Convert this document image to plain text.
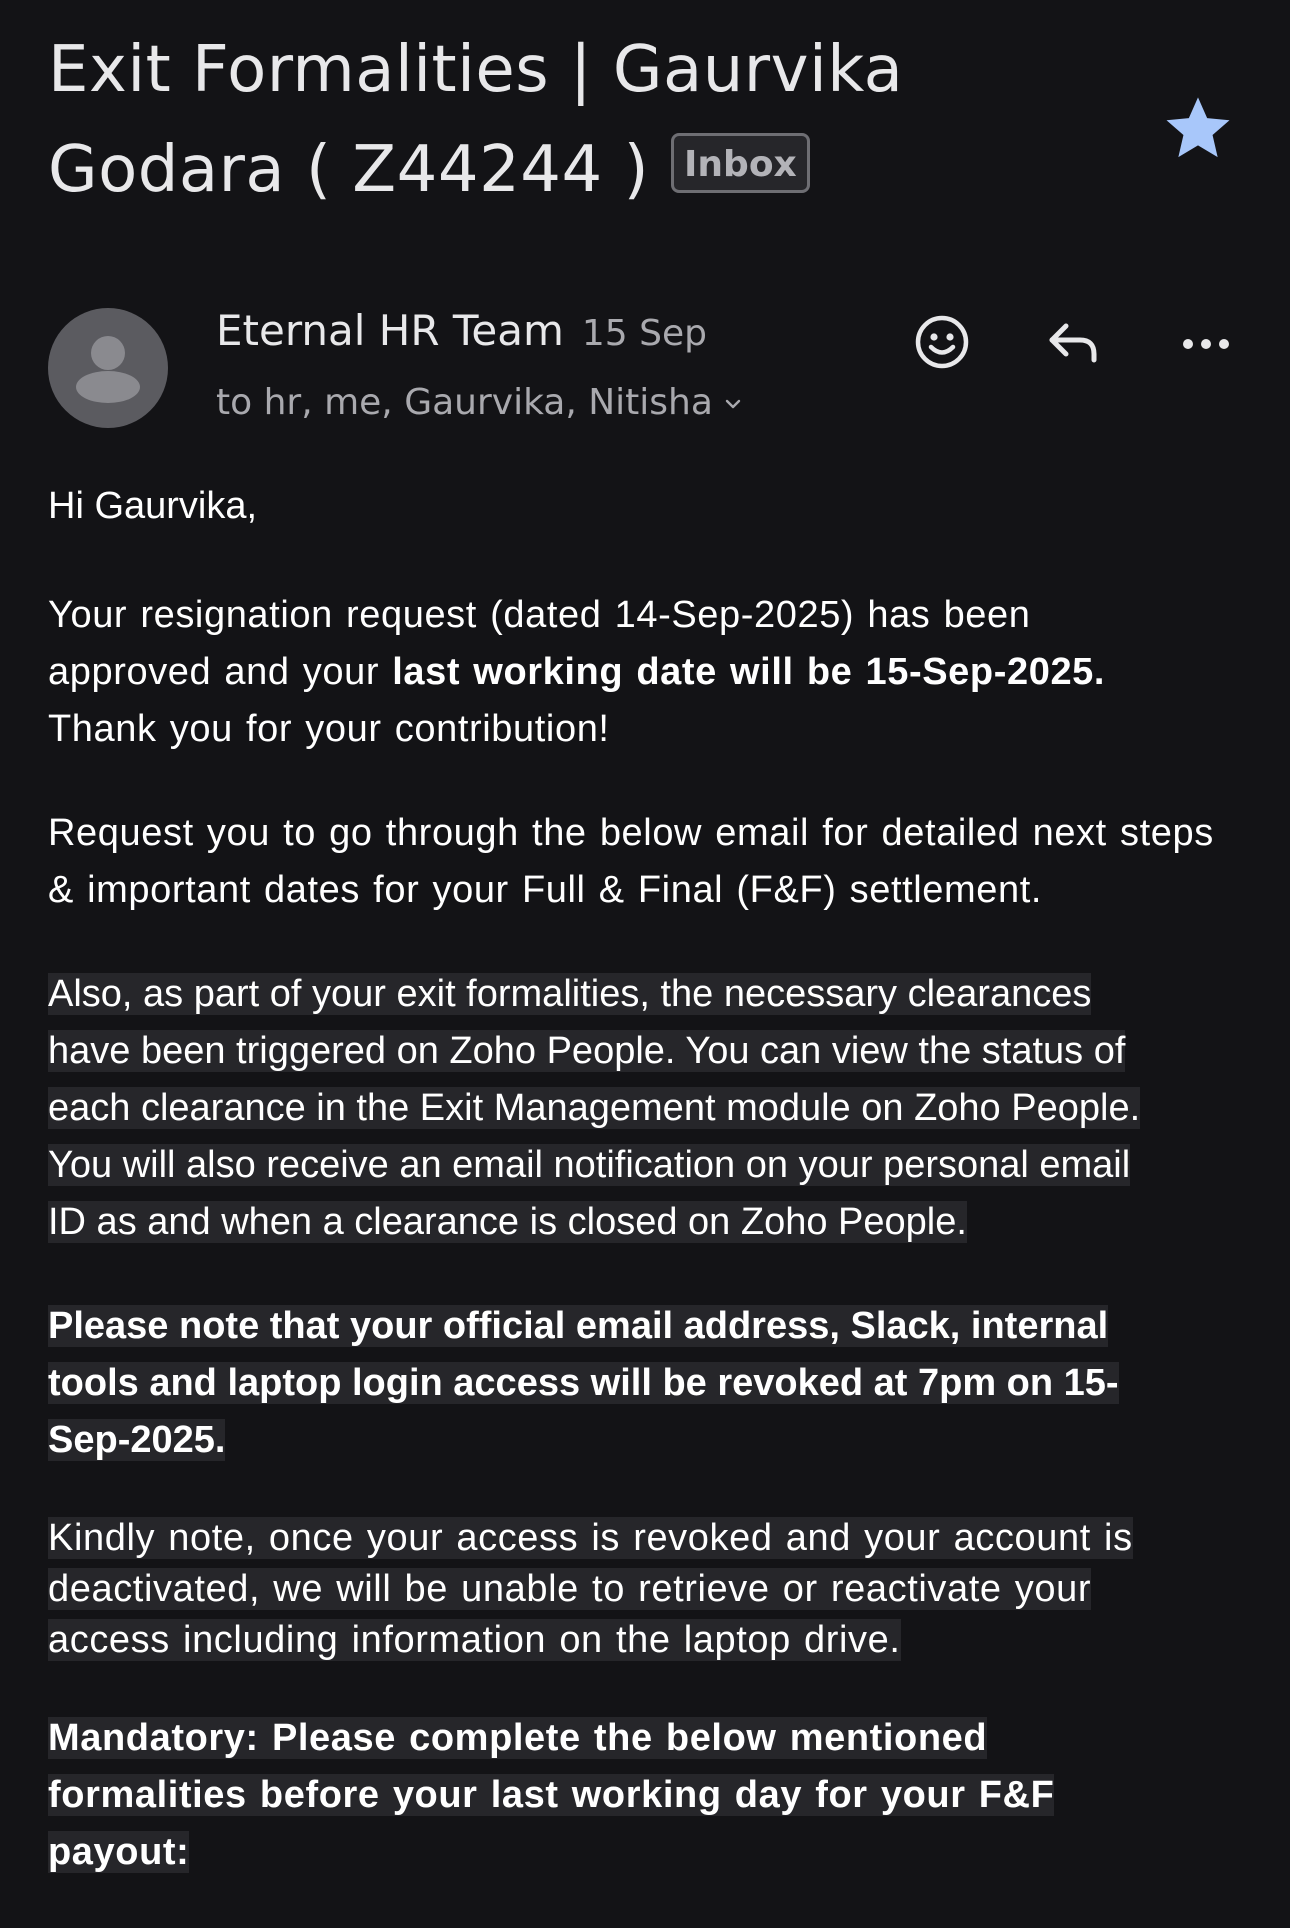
Exit Formalities | Gaurvika
Godara ( Z44244 ) Inbox
Eternal HR Team 15 Sep
to hr, me, Gaurvika, Nitisha

Hi Gaurvika,

Your resignation request (dated 14-Sep-2025) has been approved and your last working date will be 15-Sep-2025.
Thank you for your contribution!

Request you to go through the below email for detailed next steps & important dates for your Full & Final (F&F) settlement.

Also, as part of your exit formalities, the necessary clearances
have been triggered on Zoho People. You can view the status of
each clearance in the Exit Management module on Zoho People.
You will also receive an email notification on your personal email
ID as and when a clearance is closed on Zoho People.
Please note that your official email address, Slack, internal
tools and laptop login access will be revoked at 7pm on 15-
Sep-2025.
Kindly note, once your access is revoked and your account is
deactivated, we will be unable to retrieve or reactivate your
access including information on the laptop drive.
Mandatory: Please complete the below mentioned
formalities before your last working day for your F&F
payout:
